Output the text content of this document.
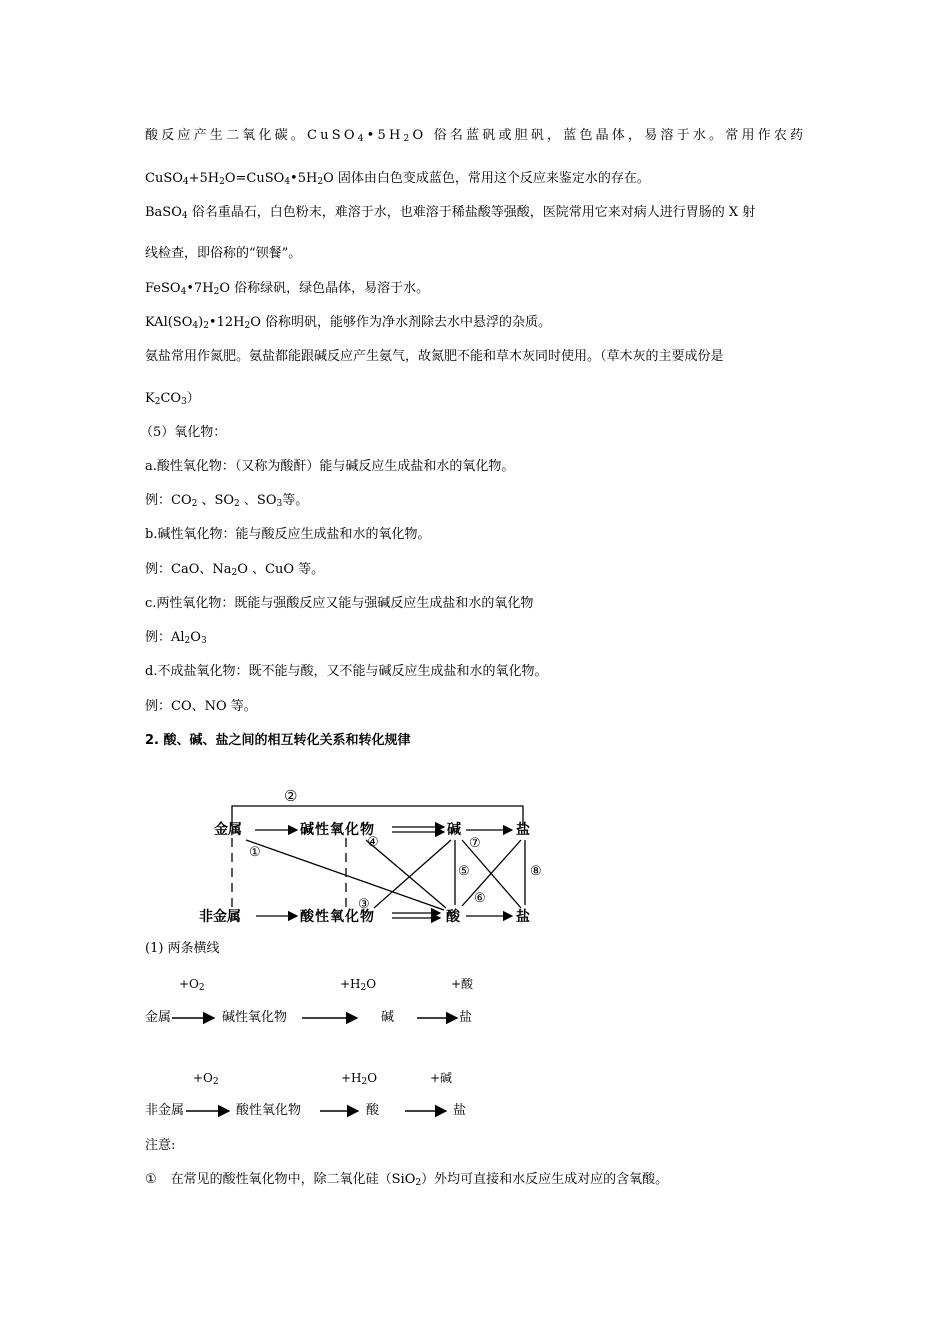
酸反应产生二氧化碳。$CuSO_4•5H_2O$ 俗名蓝矾或胆矾，蓝色晶体，易溶于水。常用作农药
$CuSO_4+5H_2O=CuSO_4•5H_2O$ 固体由白色变成蓝色，常用这个反应来鉴定水的存在。
BaSO$_4$ 俗名重晶石，白色粉末，难溶于水，也难溶于稀盐酸等强酸，医院常用它来对病人进行胃肠的 X 射
线检查，即俗称的“钡餐”。
$FeSO_4•7H_2O$ 俗称绿矾，绿色晶体，易溶于水。
$KAl(SO_4)_2•12H_2O$ 俗称明矾，能够作为净水剂除去水中悬浮的杂质。
氨盐常用作氮肥。氨盐都能跟碱反应产生氨气，故氮肥不能和草木灰同时使用。（草木灰的主要成份是
$K_2CO_3$）
（5）氧化物：
a.酸性氧化物：（又称为酸酐）能与碱反应生成盐和水的氧化物。
例：$CO_2$ 、$SO_2$ 、$SO_3$等。
b.碱性氧化物：能与酸反应生成盐和水的氧化物。
例：CaO、$Na_2O$ 、CuO 等。
c.两性氧化物：既能与强酸反应又能与强碱反应生成盐和水的氧化物
例：$Al_2O_3$
d.不成盐氧化物：既不能与酸，又不能与碱反应生成盐和水的氧化物。
例：CO、NO 等。
2. 酸、碱、盐之间的相互转化关系和转化规律
金属	碱性氧化物	碱	盐
非金属	酸性氧化物	酸	盐
②
①
④	⑦
⑤	⑧
⑥
③
(1) 两条横线
$+O_2$	$+H_2O$	+酸
金属	碱性氧化物	碱	盐
$+O_2$	$+H_2O$	+碱
非金属	酸性氧化物	酸	盐
注意:
① 在常见的酸性氧化物中，除二氧化硅（SiO$_2$）外均可直接和水反应生成对应的含氧酸。
